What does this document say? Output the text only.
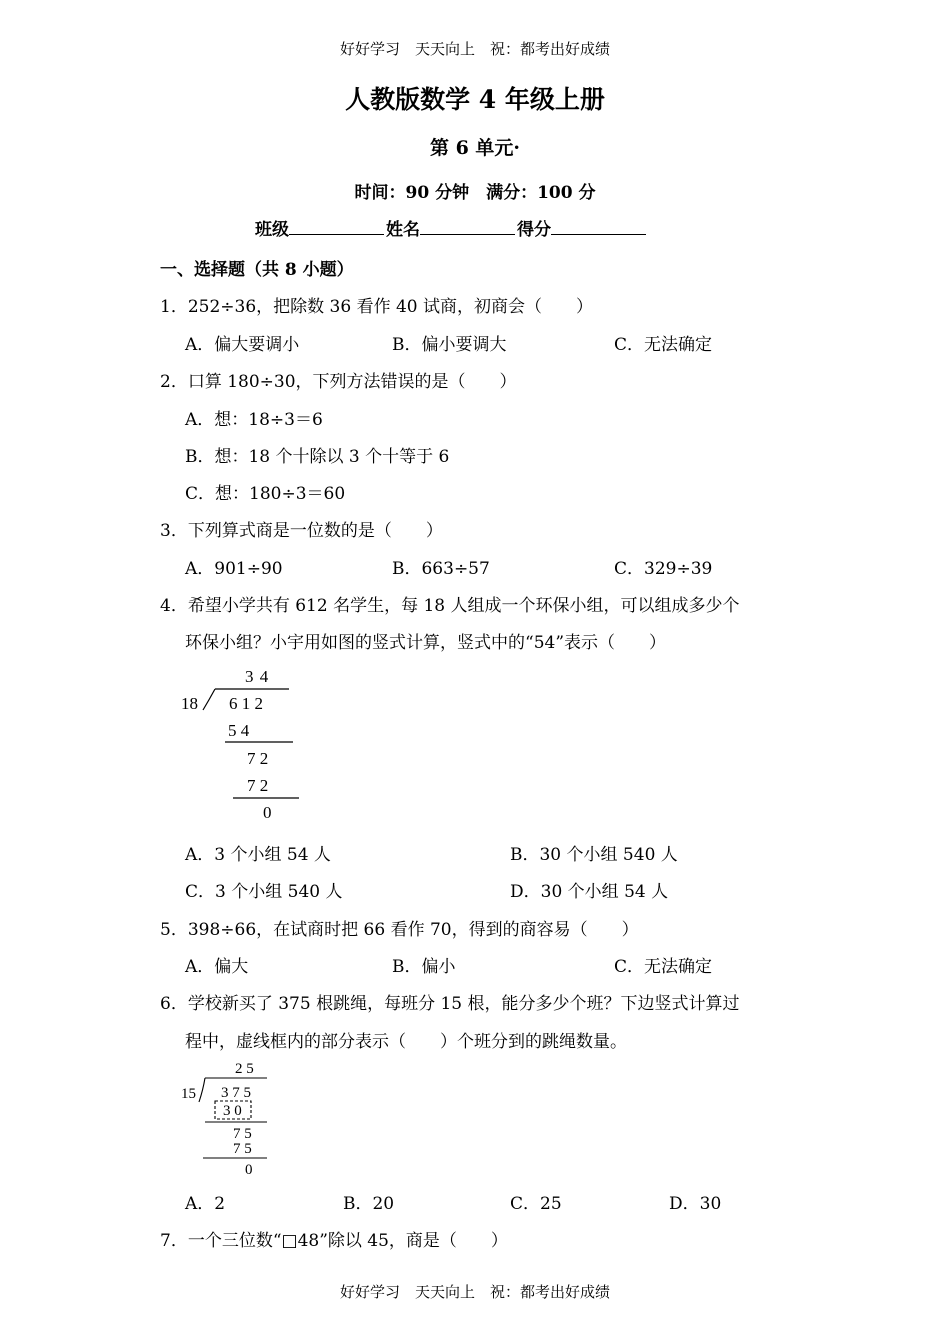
好好学习　天天向上　祝：都考出好成绩
人教版数学 4 年级上册
第 6 单元·
时间：90 分钟　满分：100 分
班级	姓名	得分
一、选择题（共 8 小题）
1．252÷36，把除数 36 看作 40 试商，初商会（　　）
A．偏大要调小	B．偏小要调大	C．无法确定
2．口算 180÷30，下列方法错误的是（　　）
A．想：18÷3＝6
B．想：18 个十除以 3 个十等于 6
C．想：180÷3＝60
3．下列算式商是一位数的是（　　）
A．901÷90	B．663÷57	C．329÷39
4．希望小学共有 612 名学生，每 18 人组成一个环保小组，可以组成多少个
环保小组？小宇用如图的竖式计算，竖式中的“54”表示（　　）
3 4
18 6 1 2
5 4
7 2
7 2
0
A．3 个小组 54 人	B．30 个小组 540 人
C．3 个小组 540 人	D．30 个小组 54 人
5．398÷66，在试商时把 66 看作 70，得到的商容易（　　）
A．偏大	B．偏小	C．无法确定
6．学校新买了 375 根跳绳，每班分 15 根，能分多少个班？下边竖式计算过
程中，虚线框内的部分表示（　　）个班分到的跳绳数量。
2 5
15 3 7 5
3 0
7 5
7 5
0
A．2	B．20	C．25	D．30
7．一个三位数“□48”除以 45，商是（　　）
好好学习　天天向上　祝：都考出好成绩
